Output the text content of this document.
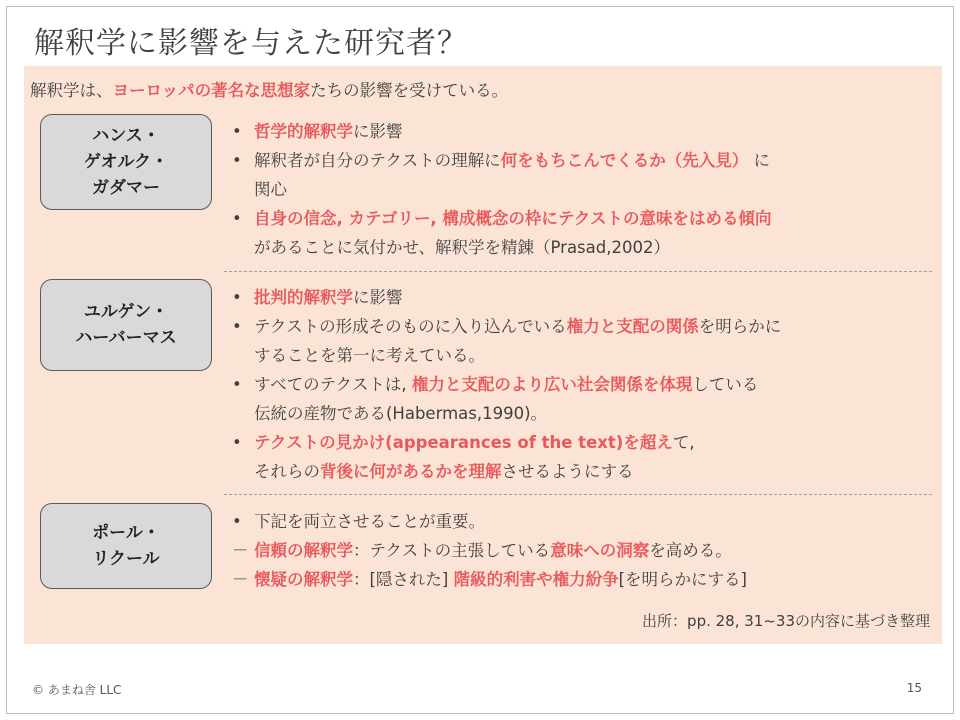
解釈学に影響を与えた研究者？
解釈学は、ヨーロッパの著名な思想家たちの影響を受けている。
ハンス・
ゲオルク・
ガダマー
• 哲学的解釈学に影響
• 解釈者が自分のテクストの理解に何をもちこんでくるか（先入見） に
関心
• 自身の信念, カテゴリー, 構成概念の枠にテクストの意味をはめる傾向
があることに気付かせ、解釈学を精錬（Prasad,2002）
ユルゲン・
ハーバーマス
• 批判的解釈学に影響
• テクストの形成そのものに入り込んでいる権力と支配の関係を明らかに
することを第一に考えている。
• すべてのテクストは, 権力と支配のより広い社会関係を体現している
伝統の産物である(Habermas,1990)。
• テクストの見かけ(appearances of the text)を超えて,
それらの背後に何があるかを理解させるようにする
ポール・
リクール
• 下記を両立させることが重要。
－ 信頼の解釈学：テクストの主張している意味への洞察を高める。
－ 懐疑の解釈学：[隠された] 階級的利害や権力紛争[を明らかにする]
出所：pp. 28, 31~33の内容に基づき整理
© あまね舎 LLC	15
